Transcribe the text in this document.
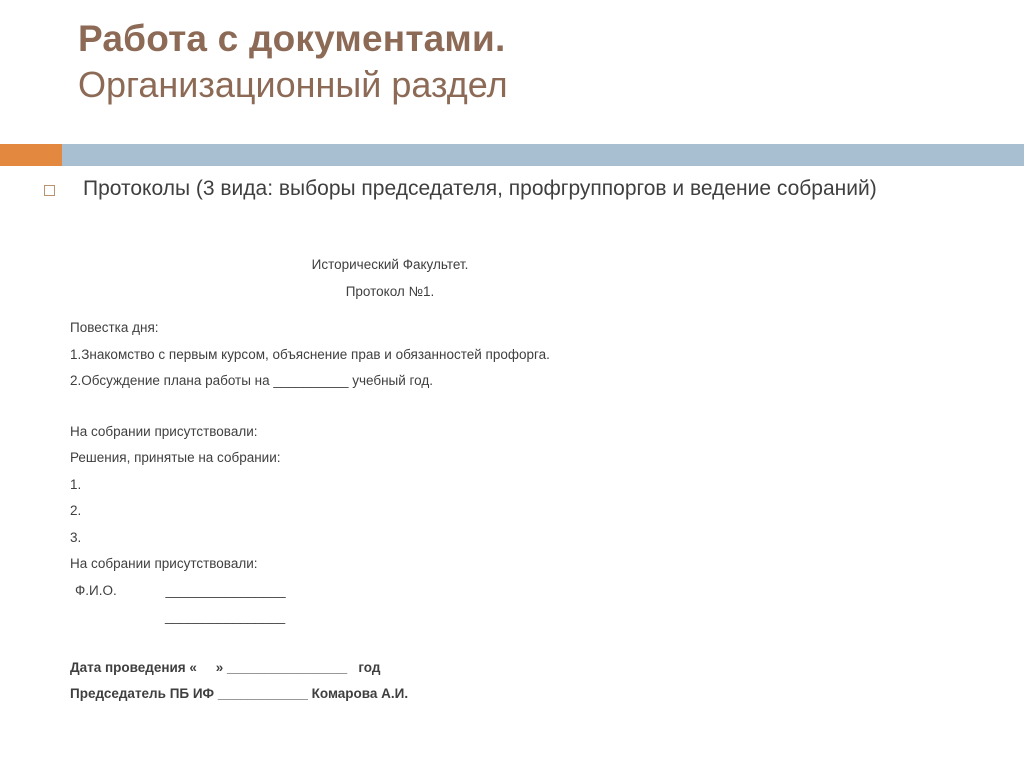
Работа с документами.
Организационный раздел
Протоколы (3 вида: выборы председателя, профгруппоргов и ведение собраний)
Исторический Факультет.
Протокол №1.
Повестка дня:
1.Знакомство с первым курсом, объяснение прав и обязанностей профорга.
2.Обсуждение плана работы на __________ учебный год.
На собрании присутствовали:
Решения, принятые на собрании:
1.
2.
3.
На собрании присутствовали:
Ф.И.О.             ________________
________________
Дата проведения «     » ________________   год
Председатель ПБ ИФ ____________ Комарова А.И.
